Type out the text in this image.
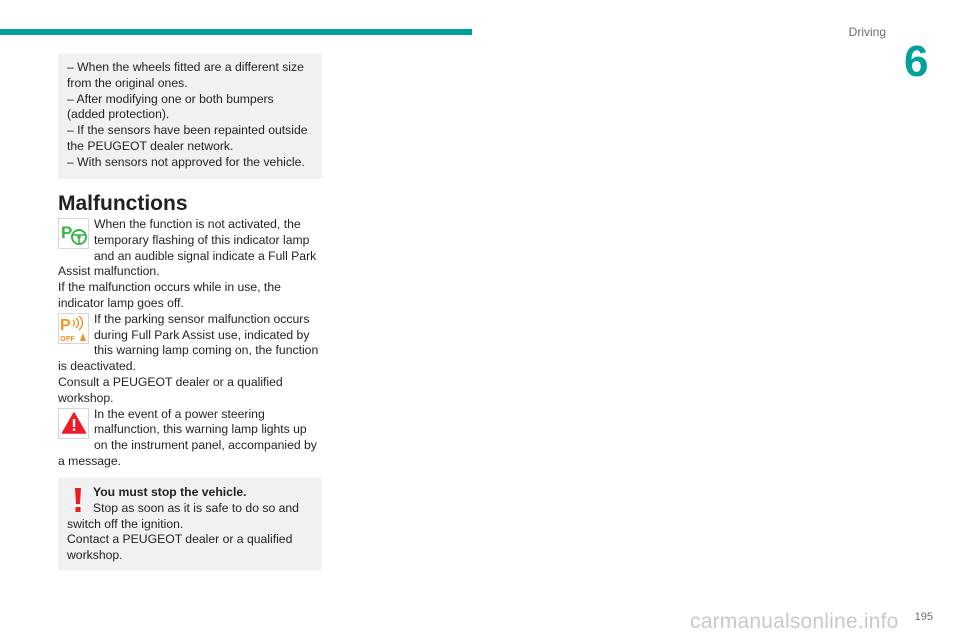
Driving
6

– When the wheels fitted are a different size from the original ones.

– After modifying one or both bumpers (added protection).

– If the sensors have been repainted outside the PEUGEOT dealer network.

– With sensors not approved for the vehicle.

Malfunctions
P	When the function is not activated, the temporary flashing of this indicator lamp and an audible signal indicate a Full Park Assist malfunction.

If the malfunction occurs while in use, the indicator lamp goes off.

P
OFF

If the parking sensor malfunction occurs during Full Park Assist use, indicated by this warning lamp coming on, the function is deactivated.

Consult a PEUGEOT dealer or a qualified workshop.

In the event of a power steering malfunction, this warning lamp lights up on the instrument panel, accompanied by a message.

You must stop the vehicle.

Stop as soon as it is safe to do so and switch off the ignition.

Contact a PEUGEOT dealer or a qualified workshop.

195
carmanualsonline.info
